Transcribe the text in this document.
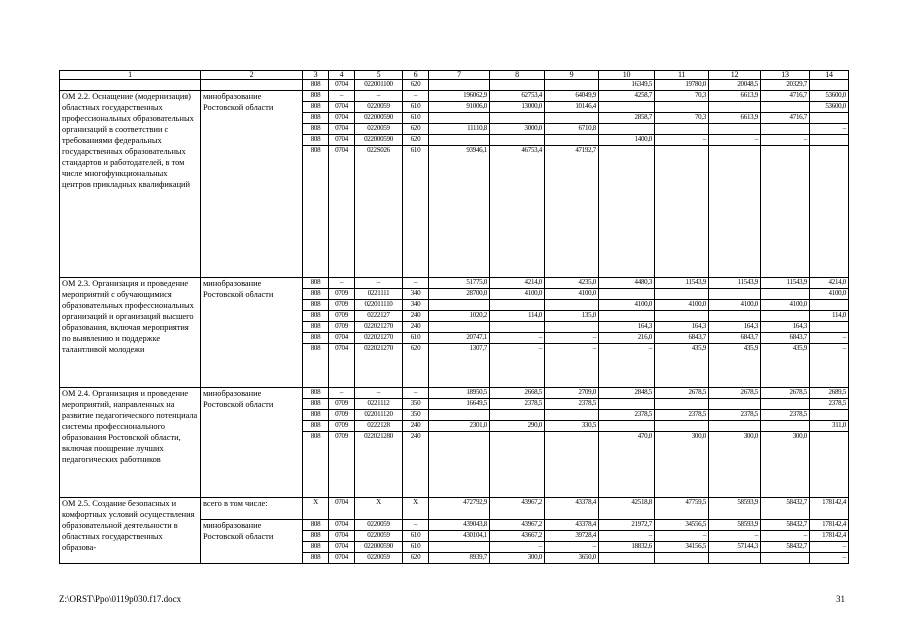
1	2	3	4	5	6	7	8	9	10	11	12	13	14
		808	0704	022001100	620				16349,5	19780,0	20048,5	20329,7	
ОМ 2.2. Оснащение (модернизация) областных государственных профессиональных образовательных организаций в соответствии с требованиями федеральных государственных образовательных стандартов и работодателей, в том числе многофункциональных центров прикладных квалификаций	минобразование Ростовской области	808	–	–	–	196062,9	62753,4	64049,9	4258,7	70,3	6613,9	4716,7	53600,0
		808	0704	0220059	610	91006,0	13000,0	10146,4					53600,0
		808	0704	022000590	610				2858,7	70,3	6613,9	4716,7	
		808	0704	0220059	620	11110,8	3000,0	6710,8					–
		808	0704	022000590	620				1400,0	–	–	–	
		808	0704	022S026	610	93946,1	46753,4	47192,7					
ОМ 2.3. Организация и проведение мероприятий с обучающимися образовательных профессиональных организаций и организаций высшего образования, включая мероприятия по выявлению и поддержке талантливой молодежи	минобразование Ростовской области	808	–	–	–	51775,0	4214,0	4235,0	4480,3	11543,9	11543,9	11543,9	4214,0
		808	0709	0221111	340	28700,0	4100,0	4100,0					4100,0
		808	0709	022011110	340				4100,0	4100,0	4100,0	4100,0	
		808	0709	0222127	240	1020,2	114,0	135,0					114,0
		808	0709	022021270	240				164,3	164,3	164,3	164,3	
		808	0704	022021270	610	20747,1	–	–	216,0	6843,7	6843,7	6843,7	–
		808	0704	022021270	620	1307,7	–	–	–	435,9	435,9	435,9	–
ОМ 2.4. Организация и проведение мероприятий, направленных на развитие педагогического потенциала системы профессионального образования Ростовской области, включая поощрение лучших педагогических работников	минобразование Ростовской области	808	–	–	–	18950,5	2668,5	2709,0	2848,5	2678,5	2678,5	2678,5	2689,5
		808	0709	0221112	350	16649,5	2378,5	2378,5					2378,5
		808	0709	022011120	350				2378,5	2378,5	2378,5	2378,5	
		808	0709	0222128	240	2301,0	290,0	330,5					311,0
		808	0709	022021280	240				470,0	300,0	300,0	300,0	
ОМ 2.5. Создание безопасных и комфортных условий осуществления образовательной деятельности в областных государственных образова-	всего в том числе:	Х	0704	Х	Х	472792,9	43967,2	43378,4	42518,8	47759,5	58593,9	58432,7	178142,4
	минобразование Ростовской области	808	0704	0220059	–	439043,8	43967,2	43378,4	21972,7	34556,5	58593,9	58432,7	178142,4
		808	0704	0220059	610	430104,1	43667,2	39728,4	–	–	–	–	178142,4
		808	0704	022000590	610		–	–	18832,6	34156,5	57144,3	58432,7	–
		808	0704	0220059	620	8939,7	300,0	3650,0					–
Z:\ORST\Ppo\0119p030.f17.docx	31
